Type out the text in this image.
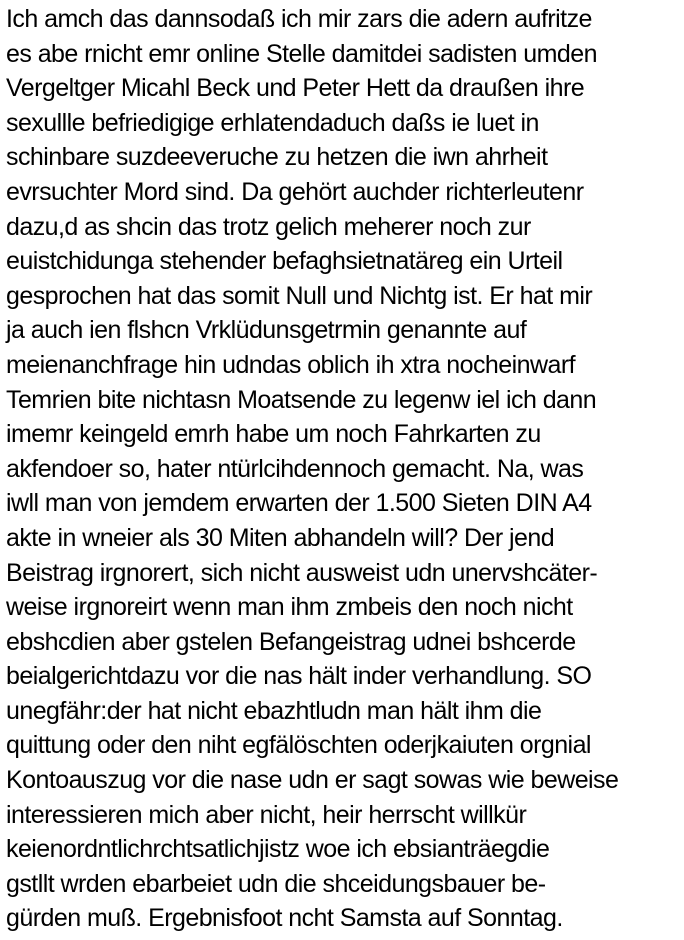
Ich amch das dannsodaß ich mir zars die adern aufritze
es abe rnicht emr online Stelle damitdei sadisten umden
Vergeltger Micahl Beck und Peter Hett da draußen ihre
sexullle befriedigige erhlatendaduch daßs ie luet in
schinbare suzdeeveruche zu hetzen die iwn ahrheit
evrsuchter Mord sind. Da gehört auchder richterleutenr
dazu,d as shcin das trotz gelich meherer noch zur
euistchidunga stehender befaghsietnatäreg ein Urteil
gesprochen hat das somit Null und Nichtg ist. Er hat mir
ja auch ien flshcn Vrklüdunsgetrmin genannte auf
meienanchfrage hin udndas oblich ih xtra nocheinwarf
Temrien bite nichtasn Moatsende zu legenw iel ich dann
imemr keingeld emrh habe um noch Fahrkarten zu
akfendoer so, hater ntürlcihdennoch gemacht. Na, was
iwll man von jemdem erwarten der 1.500 Sieten DIN A4
akte in wneier als 30 Miten abhandeln will? Der jend
Beistrag irgnorert, sich nicht ausweist udn unervshcäter-
weise irgnoreirt wenn man ihm zmbeis den noch nicht
ebshcdien aber gstelen Befangeistrag udnei bshcerde
beialgerichtdazu vor die nas hält inder verhandlung. SO
unegfähr:der hat nicht ebazhtludn man hält ihm die
quittung oder den niht egfälöschten oderjkaiuten orgnial
Kontoauszug vor die nase udn er sagt sowas wie beweise
interessieren mich aber nicht, heir herrscht willkür
keienordntlichrchtsatlichjistz woe ich ebsianträegdie
gstllt wrden ebarbeiet udn die shceidungsbauer be-
gürden muß. Ergebnisfoot ncht Samsta auf Sonntag.
